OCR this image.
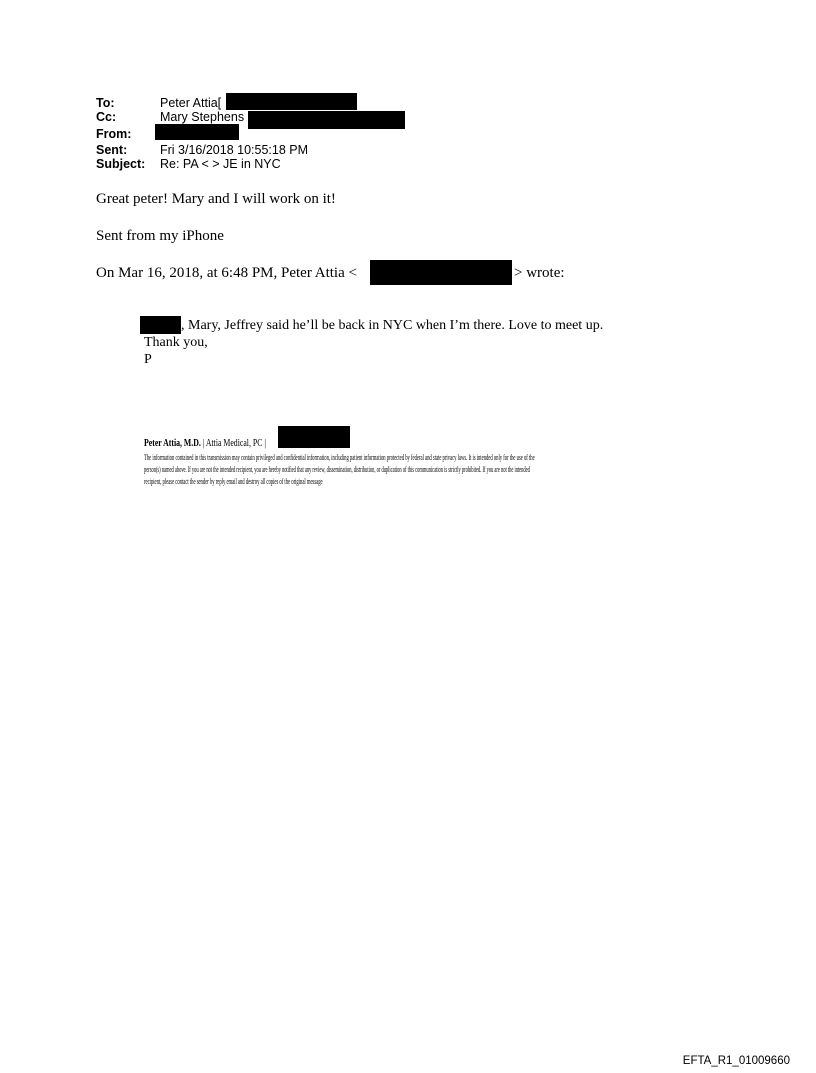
To:	Peter Attia[
Cc:	Mary Stephens
From:
Sent:	Fri 3/16/2018 10:55:18 PM
Subject: Re: PA < > JE in NYC
Great peter! Mary and I will work on it!
Sent from my iPhone
On Mar 16, 2018, at 6:48 PM, Peter Attia <	> wrote:
, Mary, Jeffrey said he’ll be back in NYC when I’m there. Love to meet up.
Thank you,
P
Peter Attia, M.D. | Attia Medical, PC |
The information contained in this transmission may contain privileged and confidential information, including patient information protected by federal and state privacy laws. It is intended only for the use of the
person(s) named above. If you are not the intended recipient, you are hereby notified that any review, dissemination, distribution, or duplication of this communication is strictly prohibited. If you are not the intended
recipient, please contact the sender by reply email and destroy all copies of the original message
EFTA_R1_01009660
